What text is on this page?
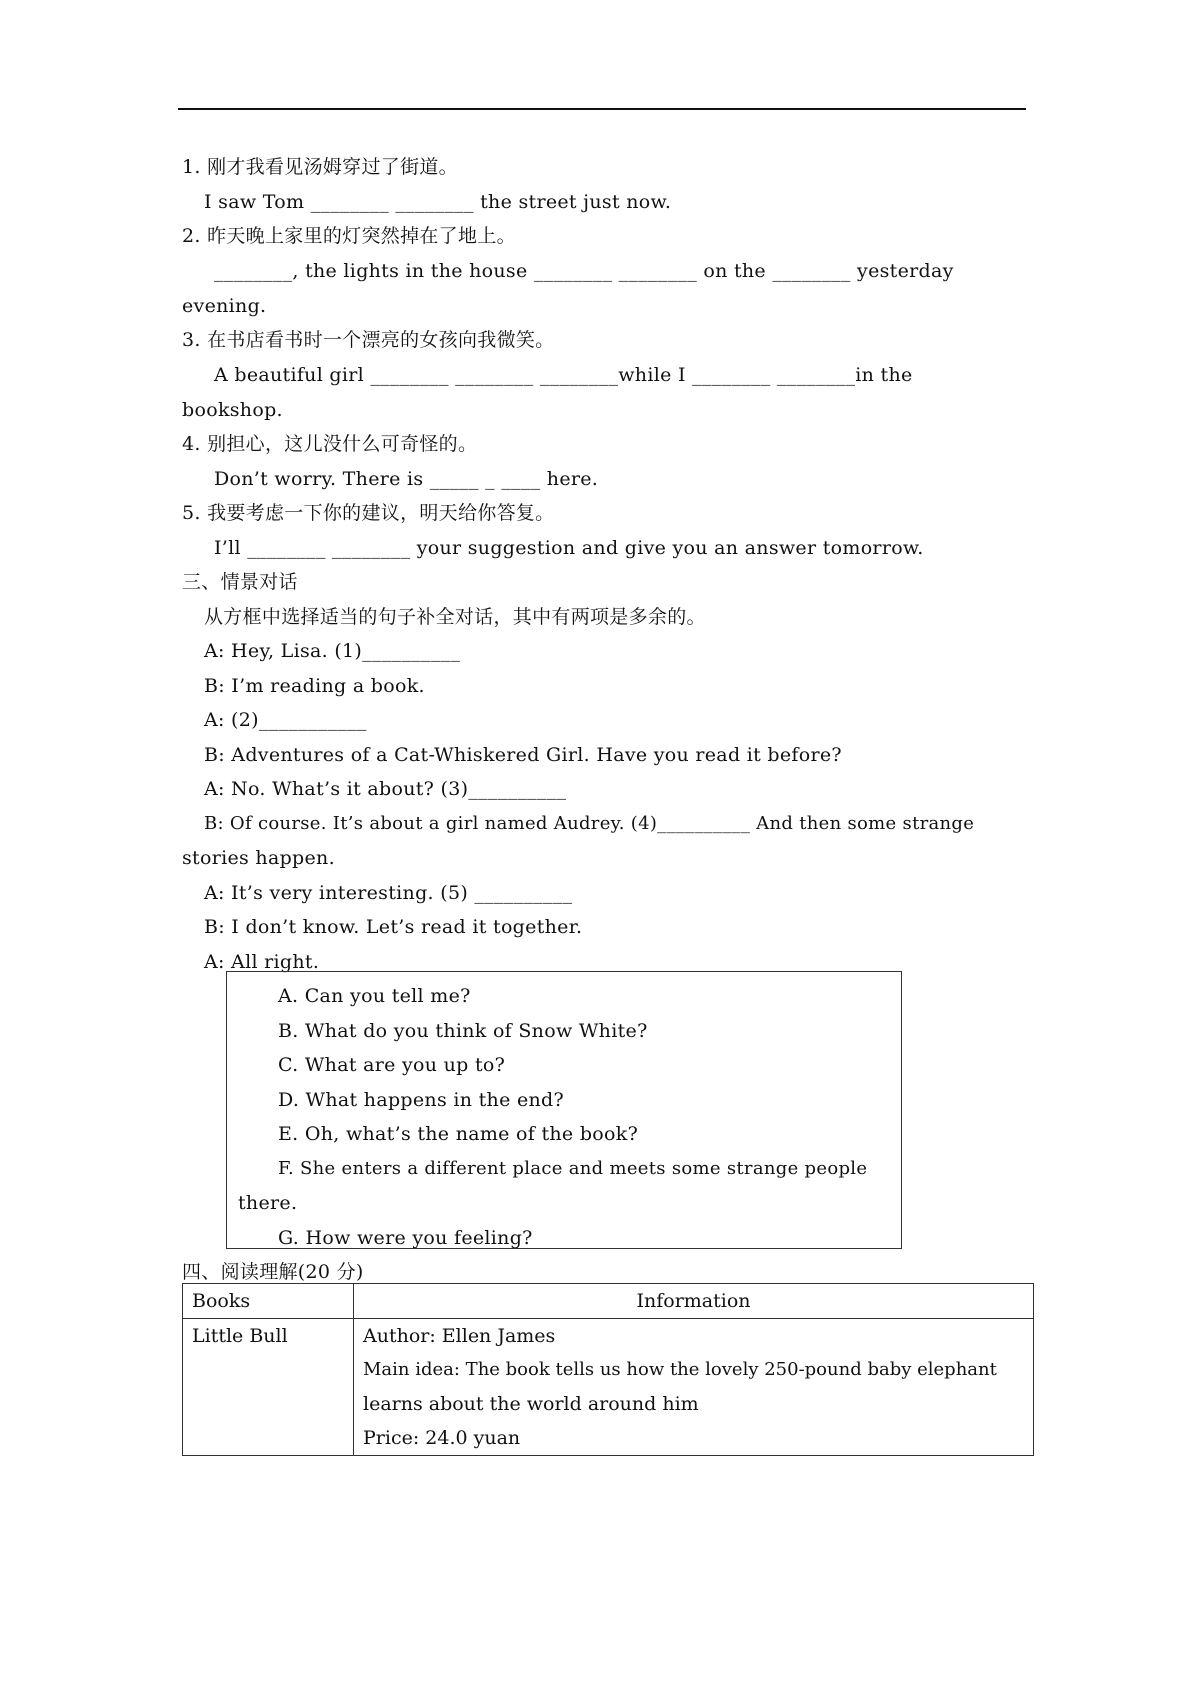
1. 刚才我看见汤姆穿过了街道。
I saw Tom ________ ________ the street just now.
2. 昨天晚上家里的灯突然掉在了地上。
________, the lights in the house ________ ________ on the ________ yesterday
evening.
3. 在书店看书时一个漂亮的女孩向我微笑。
A beautiful girl ________ ________ ________while I ________ ________in the
bookshop.
4. 别担心，这儿没什么可奇怪的。
Don’t worry. There is _____ _ ____ here.
5. 我要考虑一下你的建议，明天给你答复。
I’ll ________ ________ your suggestion and give you an answer tomorrow.
三、情景对话
从方框中选择适当的句子补全对话，其中有两项是多余的。
A: Hey, Lisa. (1)__________
B: I’m reading a book.
A: (2)___________
B: Adventures of a Cat-Whiskered Girl. Have you read it before?
A: No. What’s it about? (3)__________
B: Of course. It’s about a girl named Audrey. (4)__________ And then some strange
stories happen.
A: It’s very interesting. (5) __________
B: I don’t know. Let’s read it together.
A: All right.
A. Can you tell me?
B. What do you think of Snow White?
C. What are you up to?
D. What happens in the end?
E. Oh, what’s the name of the book?
F. She enters a different place and meets some strange people
there.
G. How were you feeling?
四、阅读理解(20 分)
Books	Information
Little Bull	Author: Ellen James
Main idea: The book tells us how the lovely 250-pound baby elephant
learns about the world around him
Price: 24.0 yuan
